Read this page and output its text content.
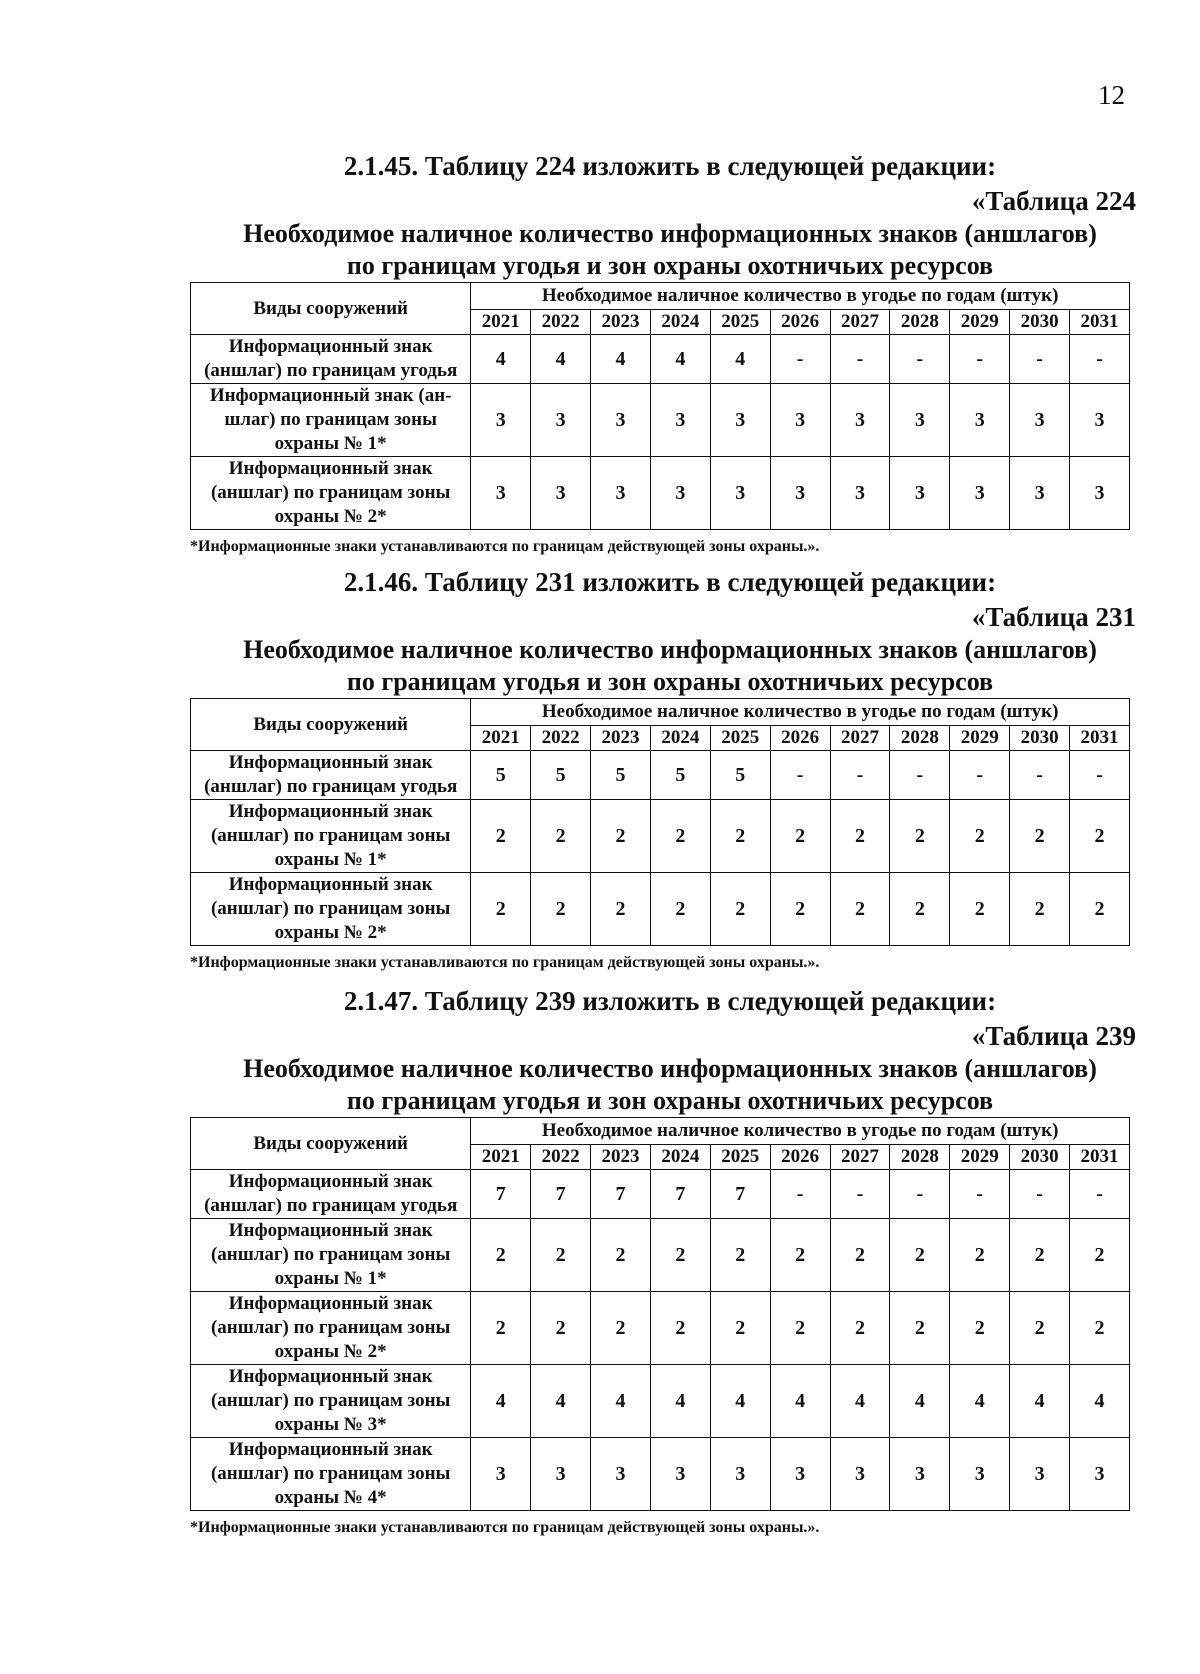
12
2.1.45. Таблицу 224 изложить в следующей редакции:
«Таблица 224
Необходимое наличное количество информационных знаков (аншлагов)
по границам угодья и зон охраны охотничьих ресурсов
Виды сооружений	Необходимое наличное количество в угодье по годам (штук)										
	2021	2022	2023	2024	2025	2026	2027	2028	2029	2030	2031

Информационный знак
(аншлаг) по границам угодья	4	4	4	4	4	-	-	-	-	-	-

Информационный знак (ан-
шлаг) по границам зоны
охраны № 1*	3	3	3	3	3	3	3	3	3	3	3

Информационный знак
(аншлаг) по границам зоны
охраны № 2*	3	3	3	3	3	3	3	3	3	3	3
*Информационные знаки устанавливаются по границам действующей зоны охраны.».
2.1.46. Таблицу 231 изложить в следующей редакции:
«Таблица 231
Необходимое наличное количество информационных знаков (аншлагов)
по границам угодья и зон охраны охотничьих ресурсов
Виды сооружений	Необходимое наличное количество в угодье по годам (штук)										
	2021	2022	2023	2024	2025	2026	2027	2028	2029	2030	2031

Информационный знак
(аншлаг) по границам угодья	5	5	5	5	5	-	-	-	-	-	-

Информационный знак
(аншлаг) по границам зоны
охраны № 1*	2	2	2	2	2	2	2	2	2	2	2

Информационный знак
(аншлаг) по границам зоны
охраны № 2*	2	2	2	2	2	2	2	2	2	2	2
*Информационные знаки устанавливаются по границам действующей зоны охраны.».
2.1.47. Таблицу 239 изложить в следующей редакции:
«Таблица 239
Необходимое наличное количество информационных знаков (аншлагов)
по границам угодья и зон охраны охотничьих ресурсов
Виды сооружений	Необходимое наличное количество в угодье по годам (штук)										
	2021	2022	2023	2024	2025	2026	2027	2028	2029	2030	2031

Информационный знак
(аншлаг) по границам угодья	7	7	7	7	7	-	-	-	-	-	-

Информационный знак
(аншлаг) по границам зоны
охраны № 1*	2	2	2	2	2	2	2	2	2	2	2

Информационный знак
(аншлаг) по границам зоны
охраны № 2*	2	2	2	2	2	2	2	2	2	2	2

Информационный знак
(аншлаг) по границам зоны
охраны № 3*	4	4	4	4	4	4	4	4	4	4	4

Информационный знак
(аншлаг) по границам зоны
охраны № 4*	3	3	3	3	3	3	3	3	3	3	3
*Информационные знаки устанавливаются по границам действующей зоны охраны.».
